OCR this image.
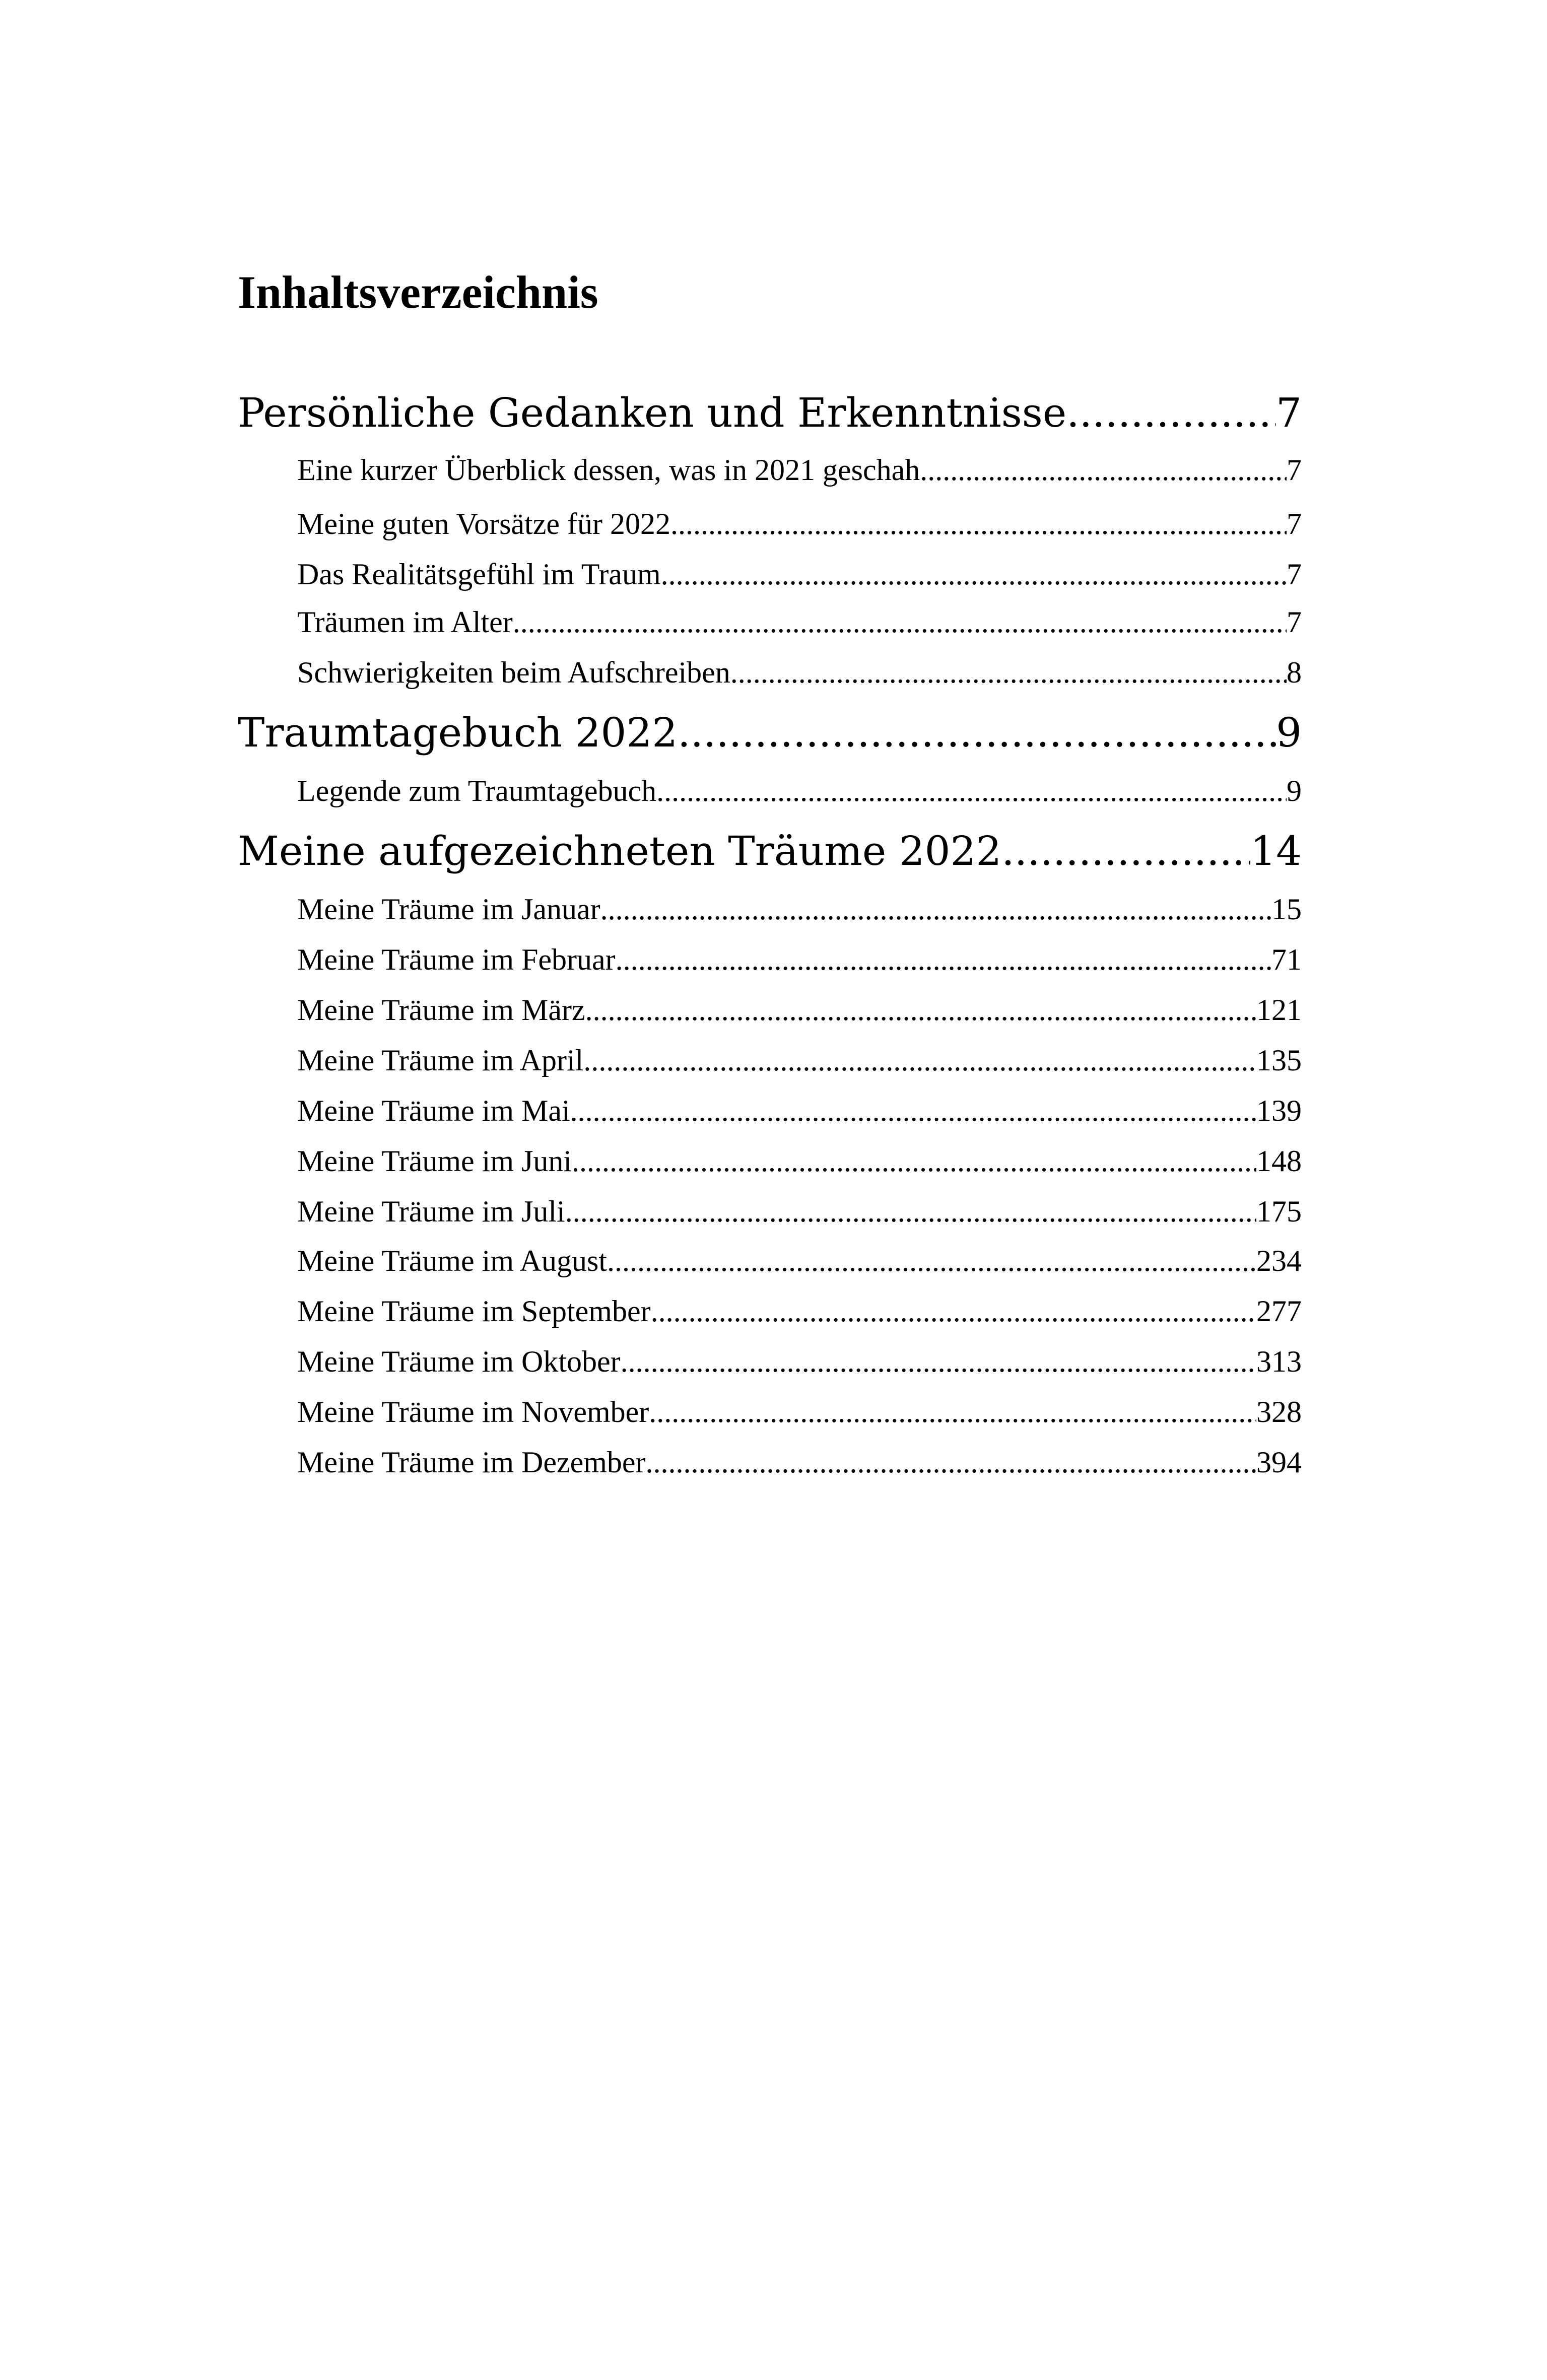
Inhaltsverzeichnis
Persönliche Gedanken und Erkenntnisse .....	7
Eine kurzer Überblick dessen, was in 2021 geschah .....	7
Meine guten Vorsätze für 2022 .....	7
Das Realitätsgefühl im Traum .....	7
Träumen im Alter .....	7
Schwierigkeiten beim Aufschreiben .....	8
Traumtagebuch 2022 .....	9
Legende zum Traumtagebuch .....	9
Meine aufgezeichneten Träume 2022 .....	14
Meine Träume im Januar .....	15
Meine Träume im Februar .....	71
Meine Träume im März .....	121
Meine Träume im April .....	135
Meine Träume im Mai .....	139
Meine Träume im Juni .....	148
Meine Träume im Juli .....	175
Meine Träume im August .....	234
Meine Träume im September .....	277
Meine Träume im Oktober .....	313
Meine Träume im November .....	328
Meine Träume im Dezember .....	394
